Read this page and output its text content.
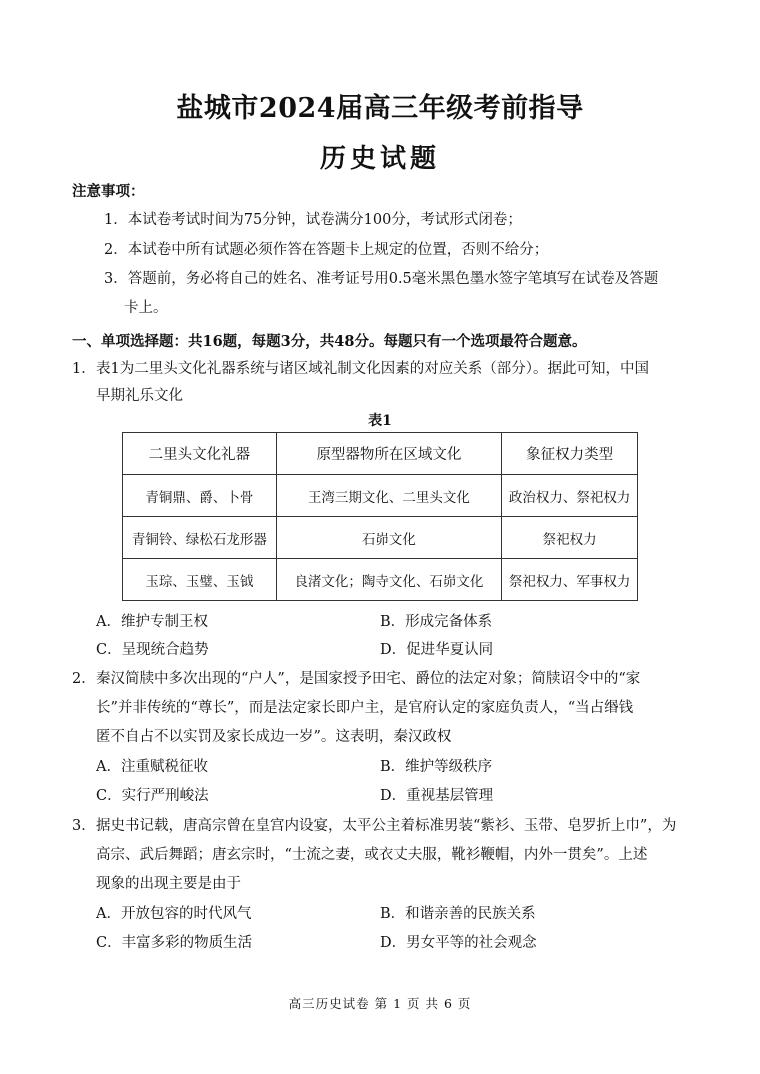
盐城市2024届高三年级考前指导
历史试题
注意事项：
1．本试卷考试时间为75分钟，试卷满分100分，考试形式闭卷；
2．本试卷中所有试题必须作答在答题卡上规定的位置，否则不给分；
3．答题前，务必将自己的姓名、准考证号用0.5毫米黑色墨水签字笔填写在试卷及答题
卡上。
一、单项选择题：共16题，每题3分，共48分。每题只有一个选项最符合题意。
1． 表1为二里头文化礼器系统与诸区域礼制文化因素的对应关系（部分）。据此可知，中国
早期礼乐文化
表1
二里头文化礼器	原型器物所在区域文化	象征权力类型
青铜鼎、爵、卜骨	王湾三期文化、二里头文化	政治权力、祭祀权力
青铜铃、绿松石龙形器	石峁文化	祭祀权力
玉琮、玉璧、玉钺	良渚文化；陶寺文化、石峁文化	祭祀权力、军事权力
A．维护专制王权	B．形成完备体系
C．呈现统合趋势	D．促进华夏认同
2． 秦汉简牍中多次出现的“户人”，是国家授予田宅、爵位的法定对象；简牍诏令中的“家
长”并非传统的“尊长”，而是法定家长即户主，是官府认定的家庭负责人，“当占缗钱
匿不自占不以实罚及家长成边一岁”。这表明，秦汉政权
A．注重赋税征收	B．维护等级秩序
C．实行严刑峻法	D．重视基层管理
3． 据史书记载，唐高宗曾在皇宫内设宴，太平公主着标准男装“紫衫、玉带、皂罗折上巾”，为
高宗、武后舞蹈；唐玄宗时，“士流之妻，或衣丈夫服，靴衫鞭帽，内外一贯矣”。上述
现象的出现主要是由于
A．开放包容的时代风气	B．和谐亲善的民族关系
C．丰富多彩的物质生活	D．男女平等的社会观念
高三历史试卷 第 1 页 共 6 页
